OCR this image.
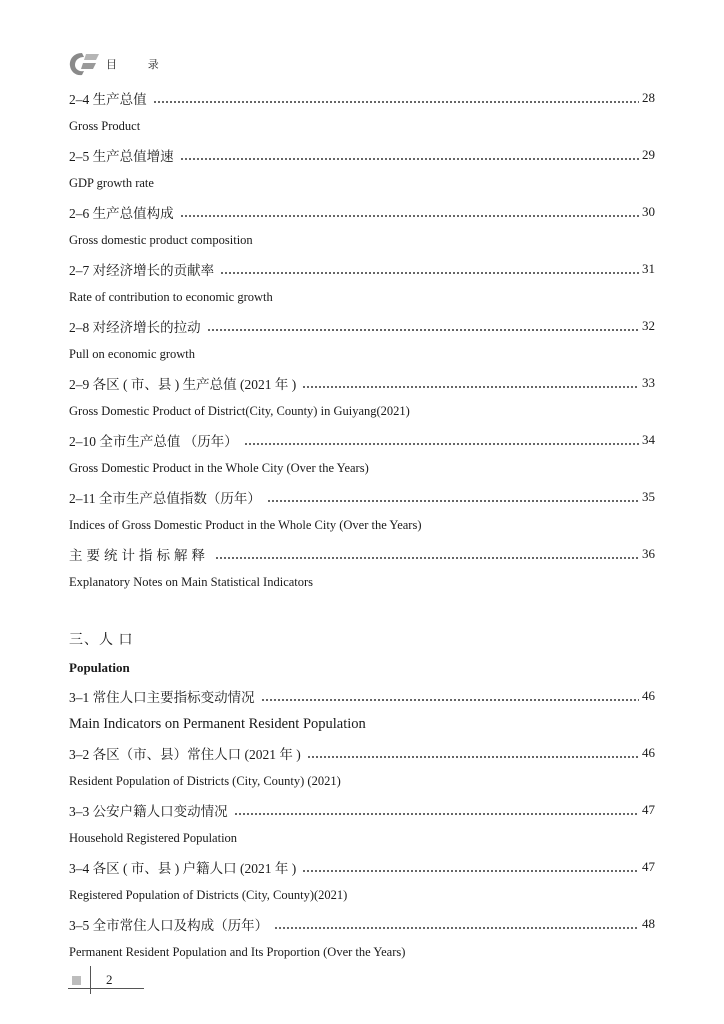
目 录
2–4 生产总值	28
Gross Product
2–5 生产总值增速	29
GDP growth rate
2–6 生产总值构成	30
Gross domestic product composition
2–7 对经济增长的贡献率	31
Rate of contribution to economic growth
2–8 对经济增长的拉动	32
Pull on economic growth
2–9 各区 ( 市、县 ) 生产总值 (2021 年 )	33
Gross Domestic Product of District(City, County) in Guiyang(2021)
2–10 全市生产总值 （历年）	34
Gross Domestic Product in the Whole City (Over the Years)
2–11 全市生产总值指数（历年）	35
Indices of Gross Domestic Product in the Whole City (Over the Years)
主要统计指标解释	36
Explanatory Notes on Main Statistical Indicators
三、人 口
Population
3–1 常住人口主要指标变动情况	46
Main Indicators on Permanent Resident Population
3–2 各区（市、县）常住人口 (2021 年 )	46
Resident Population of Districts (City, County) (2021)
3–3 公安户籍人口变动情况	47
Household Registered Population
3–4 各区 ( 市、县 ) 户籍人口 (2021 年 )	47
Registered Population of Districts (City, County)(2021)
3–5 全市常住人口及构成（历年）	48
Permanent Resident Population and Its Proportion (Over the Years)
2
